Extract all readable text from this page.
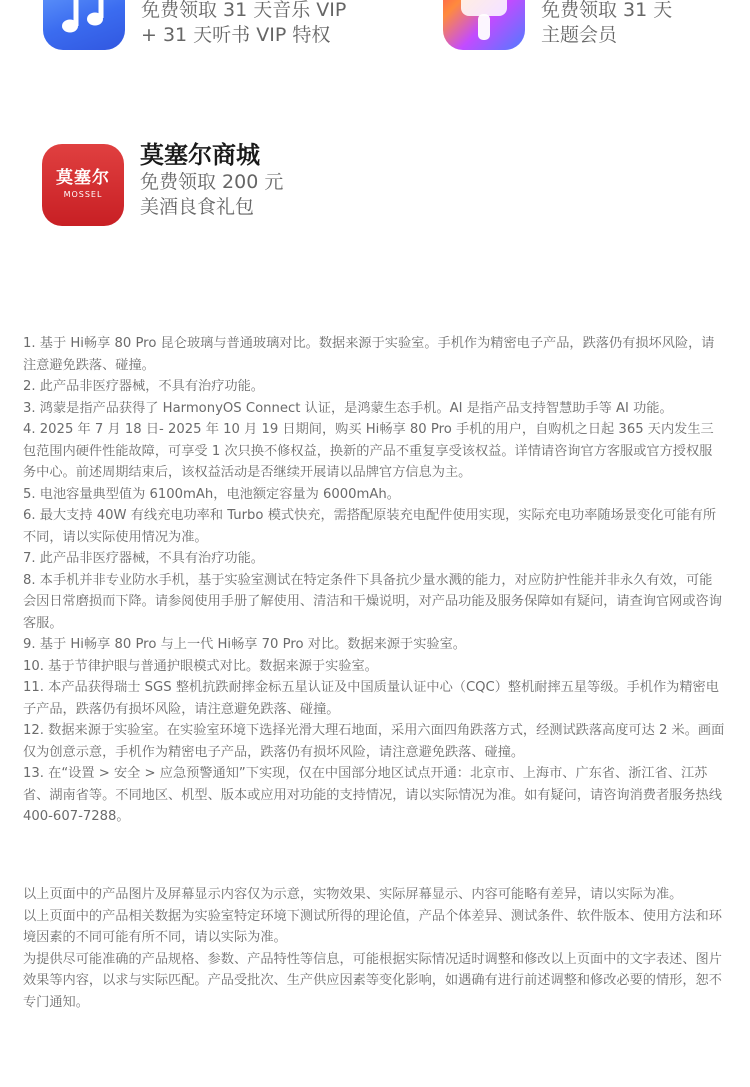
免费领取 31 天音乐 VIP
+ 31 天听书 VIP 特权
免费领取 31 天
主题会员
莫塞尔
MOSSEL
莫塞尔商城
免费领取 200 元
美酒良食礼包

1. 基于 Hi畅享 80 Pro 昆仑玻璃与普通玻璃对比。数据来源于实验室。手机作为精密电子产品，跌落仍有损坏风险，请注意避免跌落、碰撞。

2. 此产品非医疗器械，不具有治疗功能。

3. 鸿蒙是指产品获得了 HarmonyOS Connect 认证，是鸿蒙生态手机。AI 是指产品支持智慧助手等 AI 功能。

4. 2025 年 7 月 18 日- 2025 年 10 月 19 日期间，购买 Hi畅享 80 Pro 手机的用户，自购机之日起 365 天内发生三包范围内硬件性能故障，可享受 1 次只换不修权益，换新的产品不重复享受该权益。详情请咨询官方客服或官方授权服务中心。前述周期结束后，该权益活动是否继续开展请以品牌官方信息为主。

5. 电池容量典型值为 6100mAh，电池额定容量为 6000mAh。

6. 最大支持 40W 有线充电功率和 Turbo 模式快充，需搭配原装充电配件使用实现，实际充电功率随场景变化可能有所不同，请以实际使用情况为准。

7. 此产品非医疗器械，不具有治疗功能。

8. 本手机并非专业防水手机，基于实验室测试在特定条件下具备抗少量水溅的能力，对应防护性能并非永久有效，可能会因日常磨损而下降。请参阅使用手册了解使用、清洁和干燥说明，对产品功能及服务保障如有疑问，请查询官网或咨询客服。

9. 基于 Hi畅享 80 Pro 与上一代 Hi畅享 70 Pro 对比。数据来源于实验室。

10. 基于节律护眼与普通护眼模式对比。数据来源于实验室。

11. 本产品获得瑞士 SGS 整机抗跌耐摔金标五星认证及中国质量认证中心（CQC）整机耐摔五星等级。手机作为精密电子产品，跌落仍有损坏风险，请注意避免跌落、碰撞。

12. 数据来源于实验室。在实验室环境下选择光滑大理石地面，采用六面四角跌落方式，经测试跌落高度可达 2 米。画面仅为创意示意，手机作为精密电子产品，跌落仍有损坏风险，请注意避免跌落、碰撞。

13. 在“设置 > 安全 > 应急预警通知”下实现，仅在中国部分地区试点开通：北京市、上海市、广东省、浙江省、江苏省、湖南省等。不同地区、机型、版本或应用对功能的支持情况，请以实际情况为准。如有疑问，请咨询消费者服务热线 400-607-7288。

以上页面中的产品图片及屏幕显示内容仅为示意，实物效果、实际屏幕显示、内容可能略有差异，请以实际为准。

以上页面中的产品相关数据为实验室特定环境下测试所得的理论值，产品个体差异、测试条件、软件版本、使用方法和环境因素的不同可能有所不同，请以实际为准。

为提供尽可能准确的产品规格、参数、产品特性等信息，可能根据实际情况适时调整和修改以上页面中的文字表述、图片效果等内容，以求与实际匹配。产品受批次、生产供应因素等变化影响，如遇确有进行前述调整和修改必要的情形，恕不专门通知。
